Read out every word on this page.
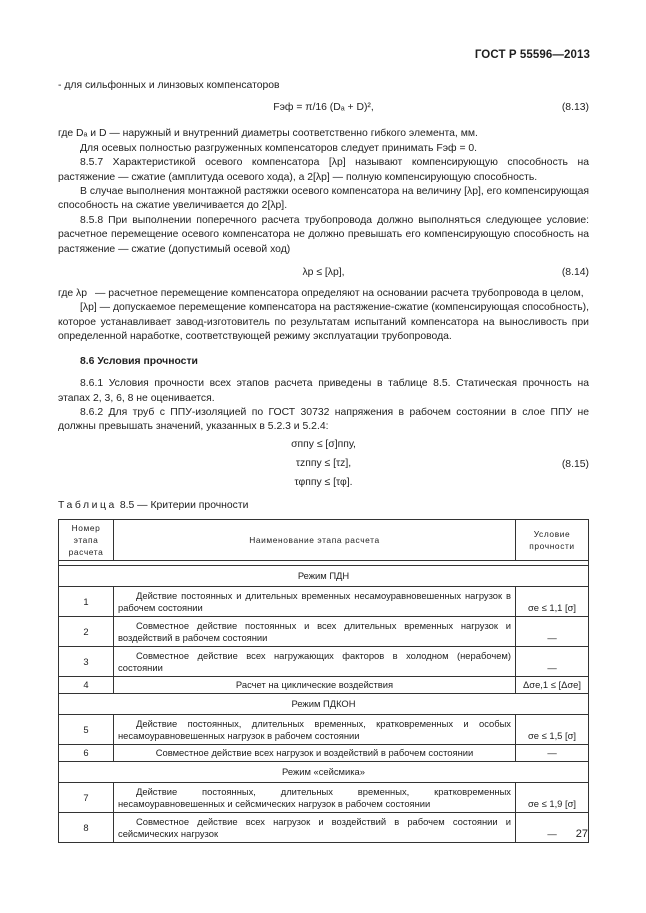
ГОСТ Р 55596—2013

- для сильфонных и линзовых компенсаторов

Fэф = π/16 (Dₐ + D)²,	(8.13)

где Dₐ и D — наружный и внутренний диаметры соответственно гибкого элемента, мм.

Для осевых полностью разгруженных компенсаторов следует принимать Fэф = 0.

8.5.7 Характеристикой осевого компенсатора [λр] называют компенсирующую способность на растяжение — сжатие (амплитуда осевого хода), а 2[λр] — полную компенсирующую способность.

В случае выполнения монтажной растяжки осевого компенсатора на величину [λр], его компенсирующая способность на сжатие увеличивается до 2[λр].

8.5.8 При выполнении поперечного расчета трубопровода должно выполняться следующее условие: расчетное перемещение осевого компенсатора не должно превышать его компенсирующую способность на растяжение — сжатие (допустимый осевой ход)

λр ≤ [λр],	(8.14)
где λр — расчетное перемещение компенсатора определяют на основании расчета трубопровода в целом,

[λр] — допускаемое перемещение компенсатора на растяжение-сжатие (компенсирующая способность), которое устанавливает завод-изготовитель по результатам испытаний компенсатора на выносливость при определенной наработке, соответствующей режиму эксплуатации трубопровода.

8.6 Условия прочности

8.6.1 Условия прочности всех этапов расчета приведены в таблице 8.5. Статическая прочность на этапах 2, 3, 6, 8 не оценивается.

8.6.2 Для труб с ППУ-изоляцией по ГОСТ 30732 напряжения в рабочем состоянии в слое ППУ не должны превышать значений, указанных в 5.2.3 и 5.2.4:

σппу ≤ [σ]ппу,
τzппу ≤ [τz],
τφппу ≤ [τφ].
(8.15)

Таблица 8.5 — Критерии прочности

Номер этапа расчета	Наименование этапа расчета	Условие прочности

Режим ПДН		
1	Действие постоянных и длительных временных несамоуравновешенных нагрузок в рабочем состоянии	σe ≤ 1,1 [σ]
2	Совместное действие постоянных и всех длительных временных нагрузок и воздействий в рабочем состоянии	—
3	Совместное действие всех нагружающих факторов в холодном (нерабочем) состоянии	—
4	Расчет на циклические воздействия	Δσe,1 ≤ [Δσe]
Режим ПДКОН		
5	Действие постоянных, длительных временных, кратковременных и особых несамоуравновешенных нагрузок в рабочем состоянии	σe ≤ 1,5 [σ]
6	Совместное действие всех нагрузок и воздействий в рабочем состоянии	—
Режим «сейсмика»		
7	Действие постоянных, длительных временных, кратковременных несамоуравновешенных и сейсмических нагрузок в рабочем состоянии	σe ≤ 1,9 [σ]
8	Совместное действие всех нагрузок и воздействий в рабочем состоянии и сейсмических нагрузок	— 27
